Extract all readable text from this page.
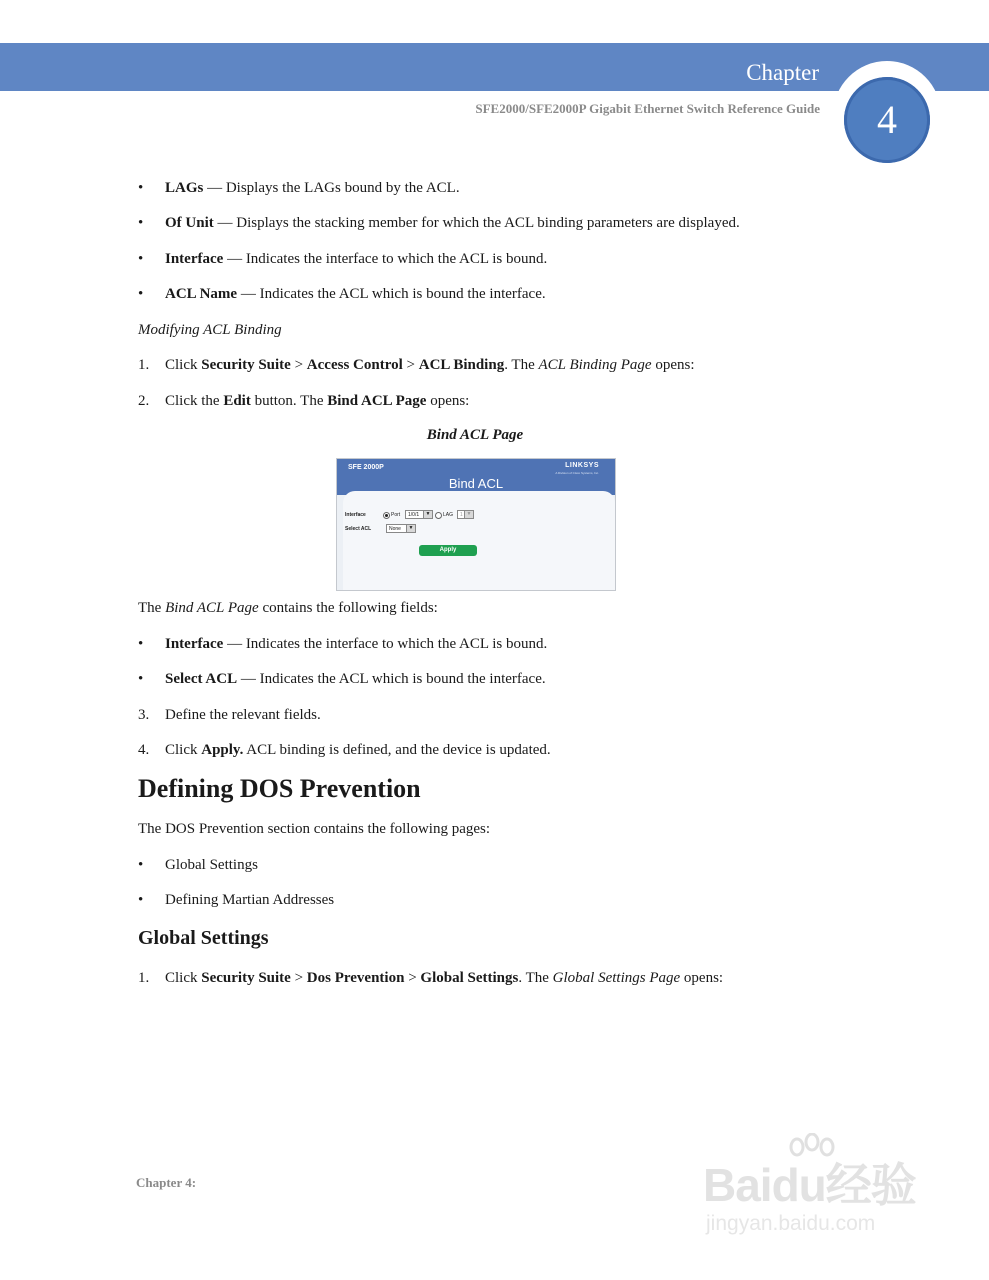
Chapter
SFE2000/SFE2000P Gigabit Ethernet Switch Reference Guide	4
•	LAGs — Displays the LAGs bound by the ACL.
•	Of Unit — Displays the stacking member for which the ACL binding parameters are displayed.
•	Interface — Indicates the interface to which the ACL is bound.
•	ACL Name — Indicates the ACL which is bound the interface.
Modifying ACL Binding
1.	Click Security Suite > Access Control > ACL Binding. The ACL Binding Page opens:
2.	Click the Edit button. The Bind ACL Page opens:
Bind ACL Page
SFE 2000P	LINKSYS
A Division of Cisco Systems, Inc.
Bind ACL
Interface	Port	1/0/1	▼	LAG	1 ▼
Select ACL	None	▼
Apply
The Bind ACL Page contains the following fields:
•	Interface — Indicates the interface to which the ACL is bound.
•	Select ACL — Indicates the ACL which is bound the interface.
3.	Define the relevant fields.
4.	Click Apply. ACL binding is defined, and the device is updated.
Defining DOS Prevention
The DOS Prevention section contains the following pages:
•	Global Settings
•	Defining Martian Addresses
Global Settings
1.	Click Security Suite > Dos Prevention > Global Settings. The Global Settings Page opens:
Chapter 4:	Baidu经验
jingyan.baidu.com
